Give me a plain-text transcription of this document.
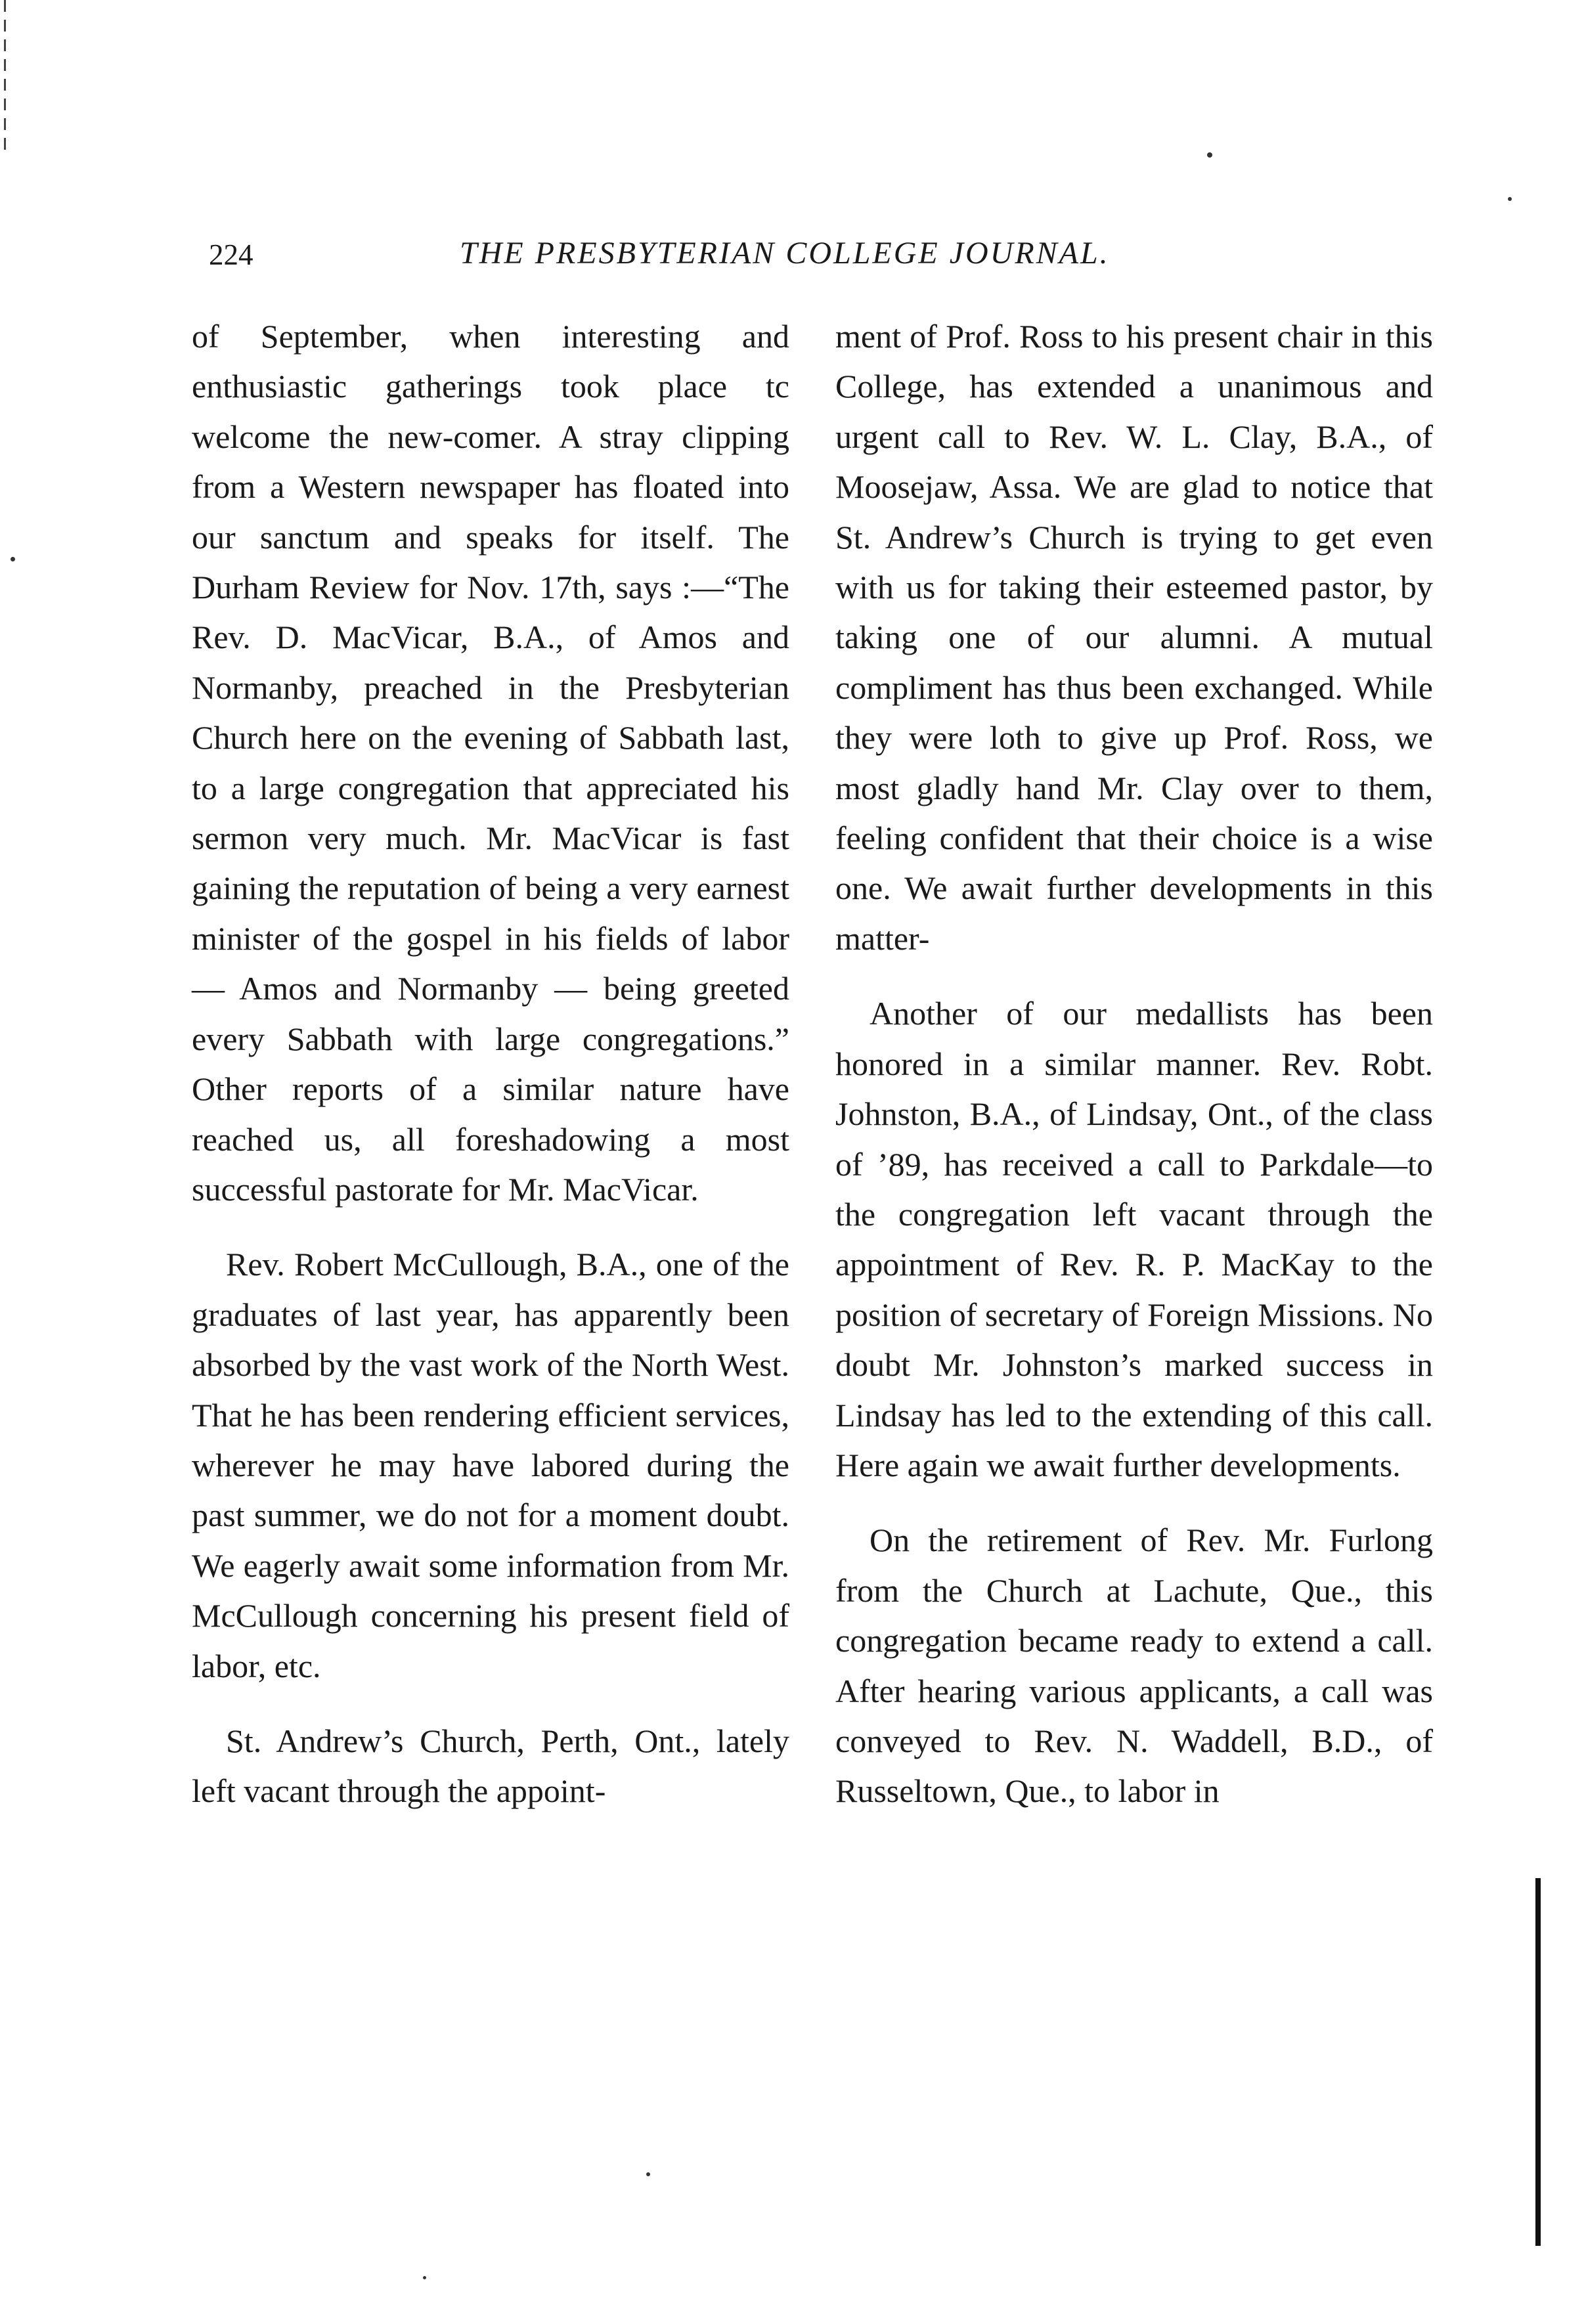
224	THE PRESBYTERIAN COLLEGE JOURNAL.

of September, when interesting and enthusiastic gatherings took place tc welcome the new-comer. A stray clipping from a Western newspaper has floated into our sanctum and speaks for itself. The Durham Review for Nov. 17th, says :—“The Rev. D. MacVicar, B.A., of Amos and Normanby, preached in the Presbyterian Church here on the evening of Sabbath last, to a large congregation that appreciated his sermon very much. Mr. MacVicar is fast gaining the reputation of being a very earnest minister of the gospel in his fields of labor — Amos and Normanby — being greeted every Sabbath with large congregations.” Other reports of a similar nature have reached us, all foreshadowing a most successful pastorate for Mr. MacVicar.

Rev. Robert McCullough, B.A., one of the graduates of last year, has apparently been absorbed by the vast work of the North West. That he has been rendering efficient services, wherever he may have labored during the past summer, we do not for a moment doubt. We eagerly await some information from Mr. McCullough concerning his present field of labor, etc.

St. Andrew’s Church, Perth, Ont., lately left vacant through the appoint-

ment of Prof. Ross to his present chair in this College, has extended a unanimous and urgent call to Rev. W. L. Clay, B.A., of Moosejaw, Assa. We are glad to notice that St. Andrew’s Church is trying to get even with us for taking their esteemed pastor, by taking one of our alumni. A mutual compliment has thus been exchanged. While they were loth to give up Prof. Ross, we most gladly hand Mr. Clay over to them, feeling confident that their choice is a wise one. We await further developments in this matter-

Another of our medallists has been honored in a similar manner. Rev. Robt. Johnston, B.A., of Lindsay, Ont., of the class of ’89, has received a call to Parkdale—to the congregation left vacant through the appointment of Rev. R. P. MacKay to the position of secretary of Foreign Missions. No doubt Mr. Johnston’s marked success in Lindsay has led to the extending of this call. Here again we await further developments.

On the retirement of Rev. Mr. Furlong from the Church at Lachute, Que., this congregation became ready to extend a call. After hearing various applicants, a call was conveyed to Rev. N. Waddell, B.D., of Russeltown, Que., to labor in
